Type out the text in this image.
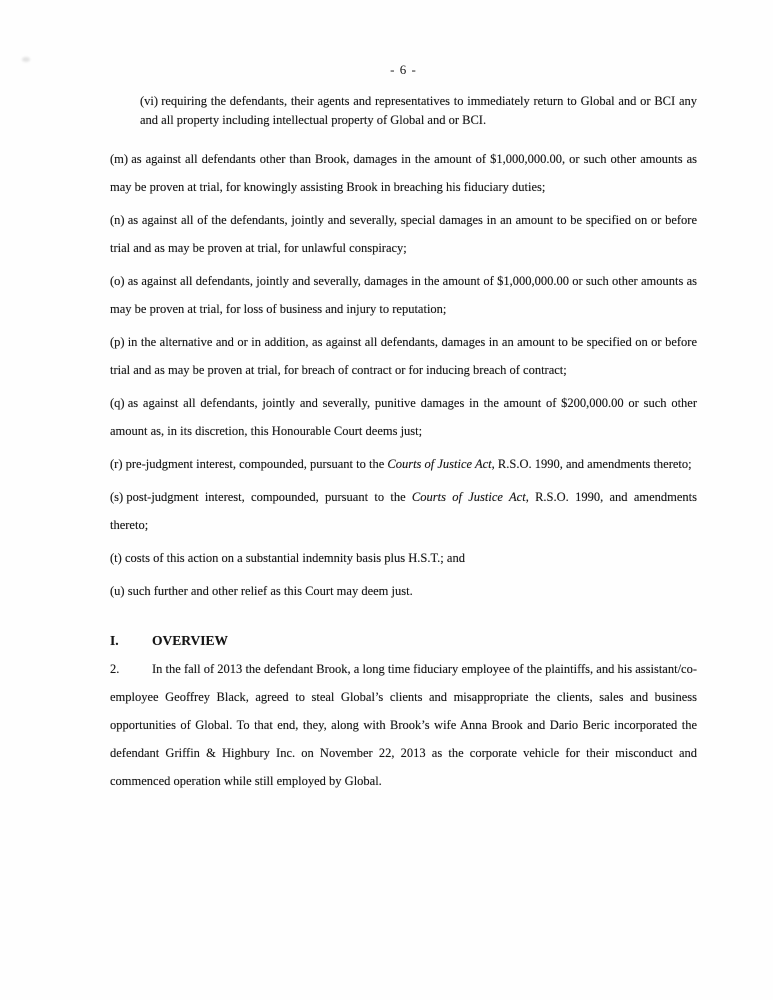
- 6 -

(vi) requiring the defendants, their agents and representatives to immediately return to Global and or BCI any and all property including intellectual property of Global and or BCI.

(m) as against all defendants other than Brook, damages in the amount of $1,000,000.00, or such other amounts as may be proven at trial, for knowingly assisting Brook in breaching his fiduciary duties;

(n) as against all of the defendants, jointly and severally, special damages in an amount to be specified on or before trial and as may be proven at trial, for unlawful conspiracy;

(o) as against all defendants, jointly and severally, damages in the amount of $1,000,000.00 or such other amounts as may be proven at trial, for loss of business and injury to reputation;

(p) in the alternative and or in addition, as against all defendants, damages in an amount to be specified on or before trial and as may be proven at trial, for breach of contract or for inducing breach of contract;

(q) as against all defendants, jointly and severally, punitive damages in the amount of $200,000.00 or such other amount as, in its discretion, this Honourable Court deems just;

(r) pre-judgment interest, compounded, pursuant to the Courts of Justice Act, R.S.O. 1990, and amendments thereto;

(s) post-judgment interest, compounded, pursuant to the Courts of Justice Act, R.S.O. 1990, and amendments thereto;

(t) costs of this action on a substantial indemnity basis plus H.S.T.; and

(u) such further and other relief as this Court may deem just.

I. OVERVIEW

2.	In the fall of 2013 the defendant Brook, a long time fiduciary employee of the plaintiffs, and his assistant/co-employee Geoffrey Black, agreed to steal Global’s clients and misappropriate the clients, sales and business opportunities of Global. To that end, they, along with Brook’s wife Anna Brook and Dario Beric incorporated the defendant Griffin & Highbury Inc. on November 22, 2013 as the corporate vehicle for their misconduct and commenced operation while still employed by Global.
